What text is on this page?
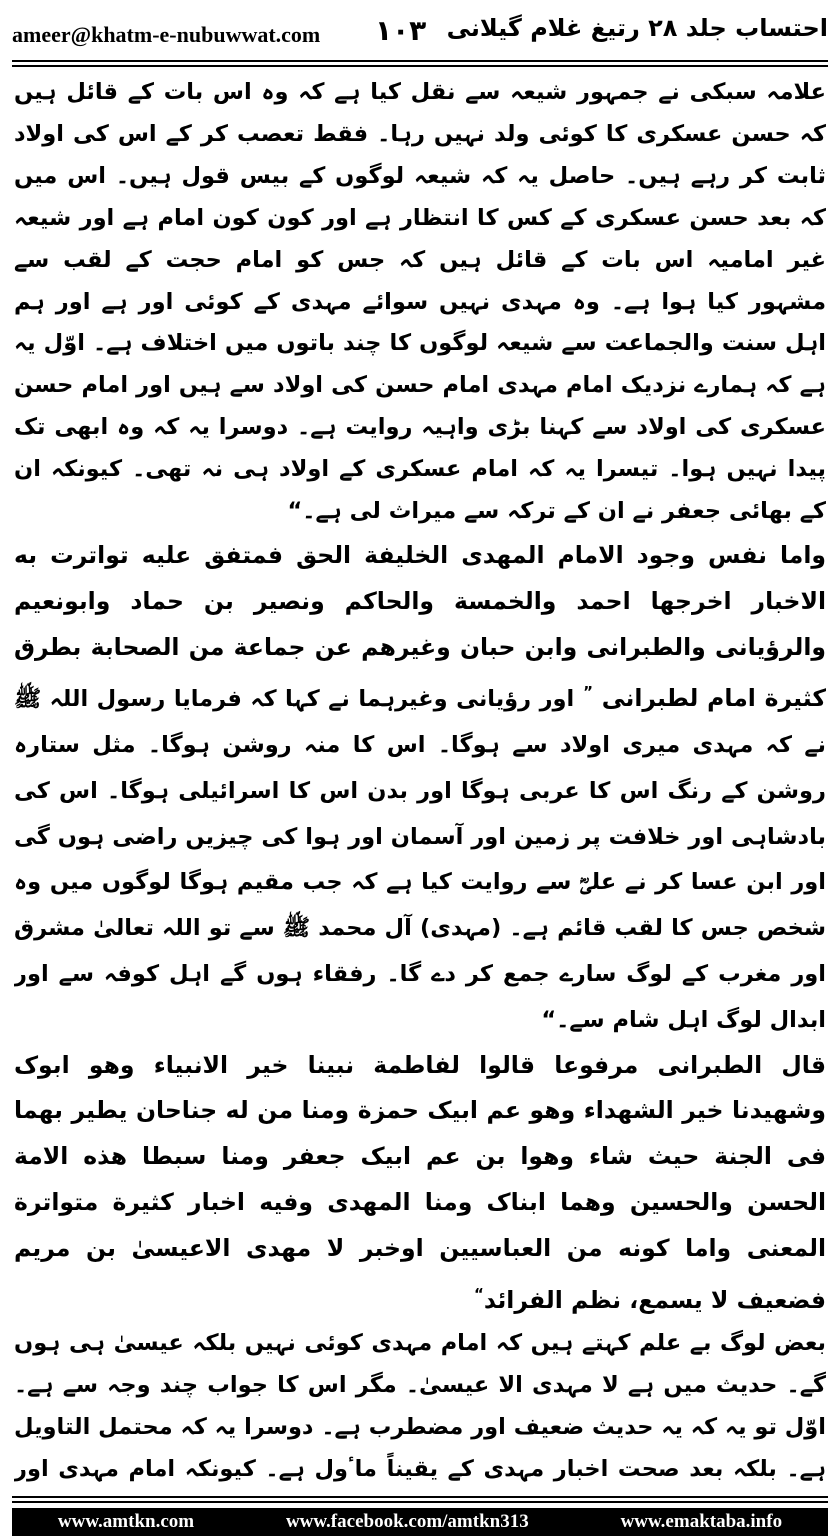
ameer@khatm-e-nubuwwat.com ۱۰۳ احتساب جلد ۲۸ رتیغ غلام گیلانی

علامہ سبکی نے جمہور شیعہ سے نقل کیا ہے کہ وہ اس بات کے قائل ہیں کہ حسن عسکری کا کوئی ولد نہیں رہا۔ فقط تعصب کر کے اس کی اولاد ثابت کر رہے ہیں۔ حاصل یہ کہ شیعہ لوگوں کے بیس قول ہیں۔ اس میں کہ بعد حسن عسکری کے کس کا انتظار ہے اور کون کون امام ہے اور شیعہ غیر امامیہ اس بات کے قائل ہیں کہ جس کو امام حجت کے لقب سے مشہور کیا ہوا ہے۔ وہ مہدی نہیں سوائے مہدی کے کوئی اور ہے اور ہم اہل سنت والجماعت سے شیعہ لوگوں کا چند باتوں میں اختلاف ہے۔ اوّل یہ ہے کہ ہمارے نزدیک امام مہدی امام حسن کی اولاد سے ہیں اور امام حسن عسکری کی اولاد سے کہنا بڑی واہیہ روایت ہے۔ دوسرا یہ کہ وہ ابھی تک پیدا نہیں ہوا۔ تیسرا یہ کہ امام عسکری کے اولاد ہی نہ تھی۔ کیونکہ ان کے بھائی جعفر نے ان کے ترکہ سے میراث لی ہے۔“

واما نفس وجود الامام المهدی الخلیفة الحق فمتفق علیه تواترت به الاخبار اخرجها احمد والخمسة والحاکم ونصیر بن حماد وابونعیم والرؤیانی والطبرانی وابن حبان وغیرهم عن جماعة من الصحابة بطرق کثیرة امام لطبرانی ” اور رؤیانی وغیرہما نے کہا کہ فرمایا رسول اللہ ﷺ نے کہ مہدی میری اولاد سے ہوگا۔ اس کا منہ روشن ہوگا۔ مثل ستارہ روشن کے رنگ اس کا عربی ہوگا اور بدن اس کا اسرائیلی ہوگا۔ اس کی بادشاہی اور خلافت پر زمین اور آسمان اور ہوا کی چیزیں راضی ہوں گی اور ابن عسا کر نے علیؓ سے روایت کیا ہے کہ جب مقیم ہوگا لوگوں میں وہ شخص جس کا لقب قائم ہے۔ (مہدی) آل محمد ﷺ سے تو اللہ تعالیٰ مشرق اور مغرب کے لوگ سارے جمع کر دے گا۔ رفقاء ہوں گے اہل کوفہ سے اور ابدال لوگ اہل شام سے۔“

قال الطبرانی مرفوعا قالوا لفاطمة نبینا خیر الانبیاء وهو ابوک وشهیدنا خیر الشهداء وهو عم ابیک حمزة ومنا من له جناحان یطیر بهما فی الجنة حیث شاء وهوا بن عم ابیک جعفر ومنا سبطا هذه الامة الحسن والحسین وهما ابناک ومنا المهدی وفیه اخبار کثیرة متواترة المعنی واما کونه من العباسیین اوخبر لا مهدی الاعیسیٰ بن مریم فضعیف لا یسمع، نظم الفرائد“

بعض لوگ بے علم کہتے ہیں کہ امام مہدی کوئی نہیں بلکہ عیسیٰ ہی ہوں گے۔ حدیث میں ہے لا مہدی الا عیسیٰ۔ مگر اس کا جواب چند وجہ سے ہے۔ اوّل تو یہ کہ یہ حدیث ضعیف اور مضطرب ہے۔ دوسرا یہ کہ محتمل التاویل ہے۔ بلکہ بعد صحت اخبار مہدی کے یقیناً ماٴول ہے۔ کیونکہ امام مہدی اور

www.amtkn.com	www.facebook.com/amtkn313	www.emaktaba.info
